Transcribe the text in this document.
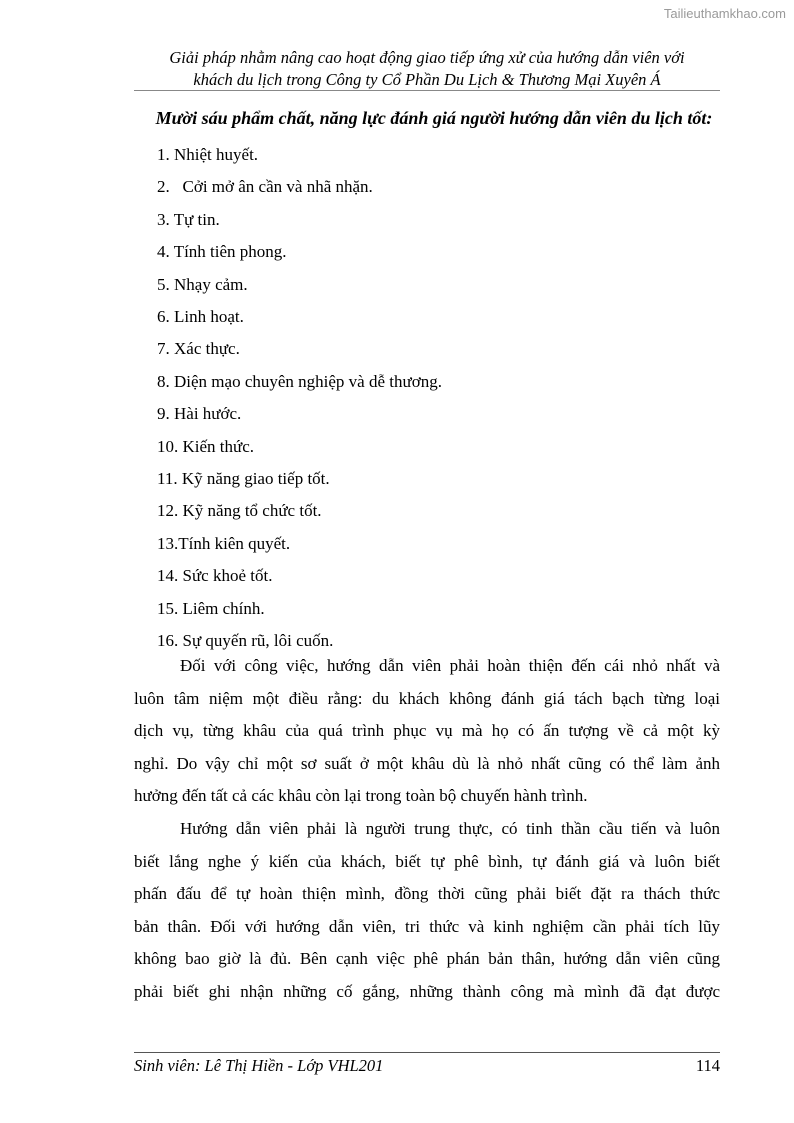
Tailieuthamkhao.com
Giải pháp nhằm nâng cao hoạt động giao tiếp ứng xử của hướng dẫn viên với
khách du lịch trong Công ty Cổ Phần Du Lịch & Thương Mại Xuyên Á
Mười sáu phẩm chất, năng lực đánh giá người hướng dẫn viên du lịch tốt:
1. Nhiệt huyết.
2.   Cởi mở ân cần và nhã nhặn.
3. Tự tin.
4. Tính tiên phong.
5. Nhạy cảm.
6. Linh hoạt.
7. Xác thực.
8. Diện mạo chuyên nghiệp và dễ thương.
9. Hài hước.
10. Kiến thức.
11. Kỹ năng giao tiếp tốt.
12. Kỹ năng tổ chức tốt.
13.Tính kiên quyết.
14. Sức khoẻ tốt.
15. Liêm chính.
16. Sự quyến rũ, lôi cuốn.
Đối với công việc, hướng dẫn viên phải hoàn thiện đến cái nhỏ nhất và
luôn tâm niệm một điều rằng: du khách không đánh giá tách bạch từng loại
dịch vụ, từng khâu của quá trình phục vụ mà họ có ấn tượng về cả một kỳ
nghỉ. Do vậy chỉ một sơ suất ở một khâu dù là nhỏ nhất cũng có thể làm ảnh
hưởng đến tất cả các khâu còn lại trong toàn bộ chuyến hành trình.
Hướng dẫn viên phải là người trung thực, có tinh thần cầu tiến và luôn
biết lắng nghe ý kiến của khách, biết tự phê bình, tự đánh giá và luôn biết
phấn đấu để tự hoàn thiện mình, đồng thời cũng phải biết đặt ra thách thức
bản thân. Đối với hướng dẫn viên, tri thức và kinh nghiệm cần phải tích lũy
không bao giờ là đủ. Bên cạnh việc phê phán bản thân, hướng dẫn viên cũng
phải biết ghi nhận những cố gắng, những thành công mà mình đã đạt được
Sinh viên: Lê Thị Hiền - Lớp VHL201	114
